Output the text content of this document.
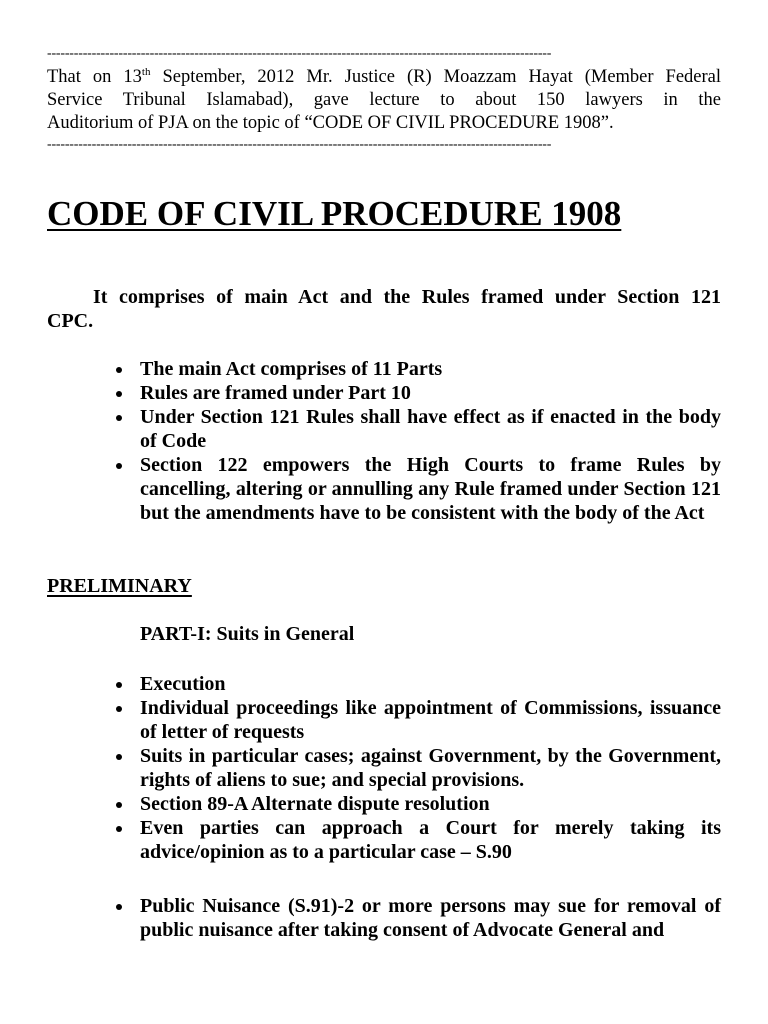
-----------------------------------------------------------------------------------------------------------------
That on 13th September, 2012 Mr. Justice (R) Moazzam Hayat (Member Federal
Service Tribunal Islamabad), gave lecture to about 150 lawyers in the
Auditorium of PJA on the topic of “CODE OF CIVIL PROCEDURE 1908”.
-----------------------------------------------------------------------------------------------------------------
CODE OF CIVIL PROCEDURE 1908
It comprises of main Act and the Rules framed under Section 121
CPC.
The main Act comprises of 11 Parts
Rules are framed under Part 10
Under Section 121 Rules shall have effect as if enacted in the body of Code
Section 122 empowers the High Courts to frame Rules by cancelling, altering or annulling any Rule framed under Section 121 but the amendments have to be consistent with the body of the Act
PRELIMINARY
PART-I: Suits in General
Execution
Individual proceedings like appointment of Commissions, issuance of letter of requests
Suits in particular cases; against Government, by the Government, rights of aliens to sue; and special provisions.
Section 89-A Alternate dispute resolution
Even parties can approach a Court for merely taking its advice/opinion as to a particular case – S.90
Public Nuisance (S.91)-2 or more persons may sue for removal of public nuisance after taking consent of Advocate General and
